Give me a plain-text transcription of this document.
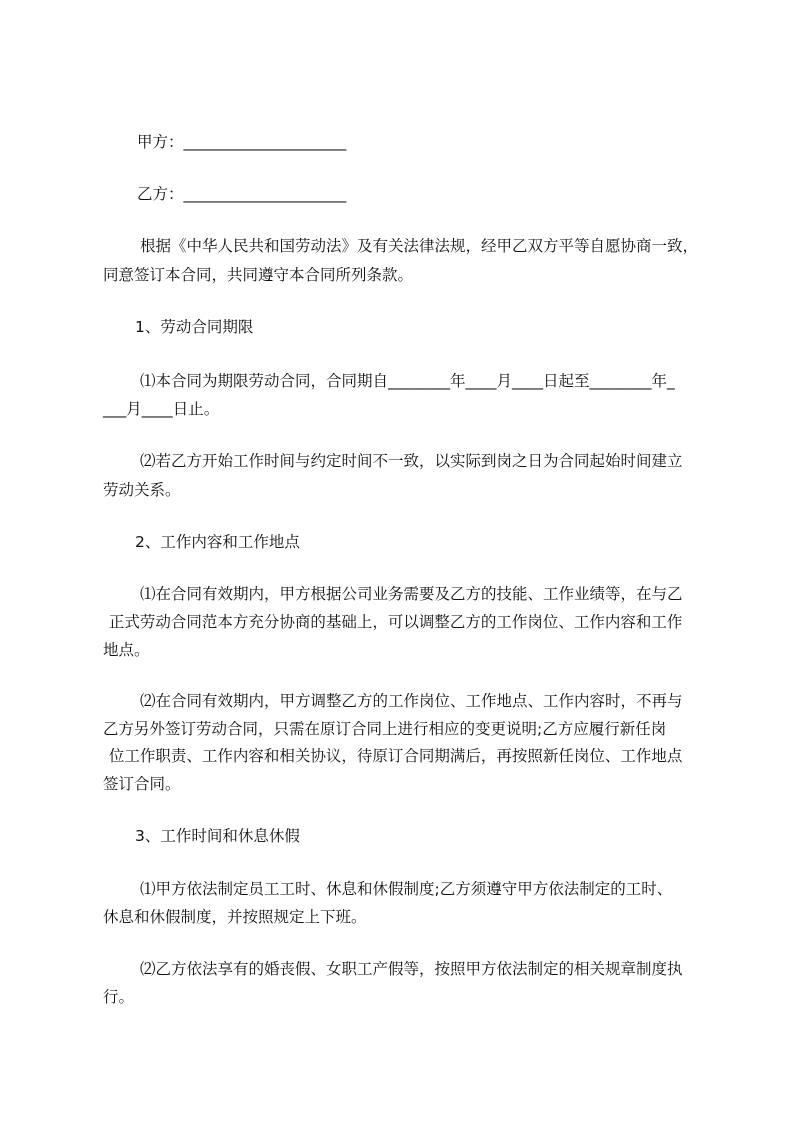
甲方：_____________________
乙方：_____________________
根据《中华人民共和国劳动法》及有关法律法规，经甲乙双方平等自愿协商一致，
同意签订本合同，共同遵守本合同所列条款。
1、劳动合同期限
⑴本合同为期限劳动合同，合同期自________年____月____日起至________年_
___月____日止。
⑵若乙方开始工作时间与约定时间不一致，以实际到岗之日为合同起始时间建立
劳动关系。
2、工作内容和工作地点
⑴在合同有效期内，甲方根据公司业务需要及乙方的技能、工作业绩等，在与乙
正式劳动合同范本方充分协商的基础上，可以调整乙方的工作岗位、工作内容和工作
地点。
⑵在合同有效期内，甲方调整乙方的工作岗位、工作地点、工作内容时，不再与
乙方另外签订劳动合同，只需在原订合同上进行相应的变更说明;乙方应履行新任岗
位工作职责、工作内容和相关协议，待原订合同期满后，再按照新任岗位、工作地点
签订合同。
3、工作时间和休息休假
⑴甲方依法制定员工工时、休息和休假制度;乙方须遵守甲方依法制定的工时、
休息和休假制度，并按照规定上下班。
⑵乙方依法享有的婚丧假、女职工产假等，按照甲方依法制定的相关规章制度执
行。
